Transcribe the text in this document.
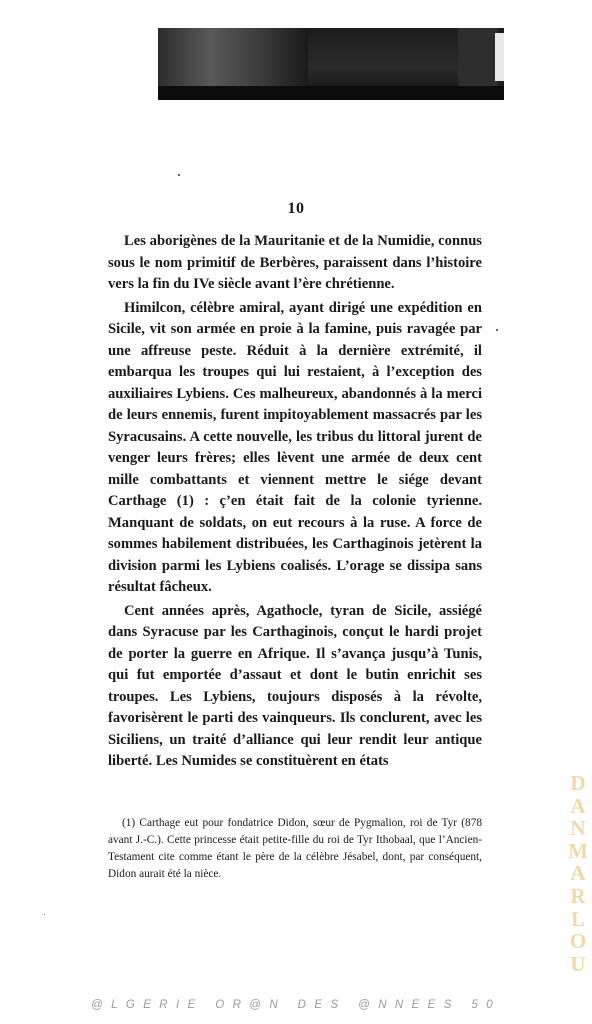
10

Les aborigènes de la Mauritanie et de la Numidie, connus sous le nom primitif de Berbères, paraissent dans l’histoire vers la fin du IVe siècle avant l’ère chrétienne.

Himilcon, célèbre amiral, ayant dirigé une expédition en Sicile, vit son armée en proie à la famine, puis ravagée par une affreuse peste. Réduit à la dernière extrémité, il embarqua les troupes qui lui restaient, à l’exception des auxiliaires Lybiens. Ces malheureux, abandonnés à la merci de leurs ennemis, furent impitoyablement massacrés par les Syracusains. A cette nouvelle, les tribus du littoral jurent de venger leurs frères; elles lèvent une armée de deux cent mille combattants et viennent mettre le siége devant Carthage (1) : ç’en était fait de la colonie tyrienne. Manquant de soldats, on eut recours à la ruse. A force de sommes habilement distribuées, les Carthaginois jetèrent la division parmi les Lybiens coalisés. L’orage se dissipa sans résultat fâcheux.

Cent années après, Agathocle, tyran de Sicile, assiégé dans Syracuse par les Carthaginois, conçut le hardi projet de porter la guerre en Afrique. Il s’avança jusqu’à Tunis, qui fut emportée d’assaut et dont le butin enrichit ses troupes. Les Lybiens, toujours disposés à la révolte, favorisèrent le parti des vainqueurs. Ils conclurent, avec les Siciliens, un traité d’alliance qui leur rendit leur antique liberté. Les Numides se constituèrent en états

(1) Carthage eut pour fondatrice Didon, sœur de Pygmalion, roi de Tyr (878 avant J.-C.). Cette princesse était petite-fille du roi de Tyr Ithobaal, que l’Ancien-Testament cite comme étant le père de la célèbre Jésabel, dont, par conséquent, Didon aurait été la nièce.

D
A
N
M
A
R
L
O
U
@LGERIE OR@N DES @NNEES 50
